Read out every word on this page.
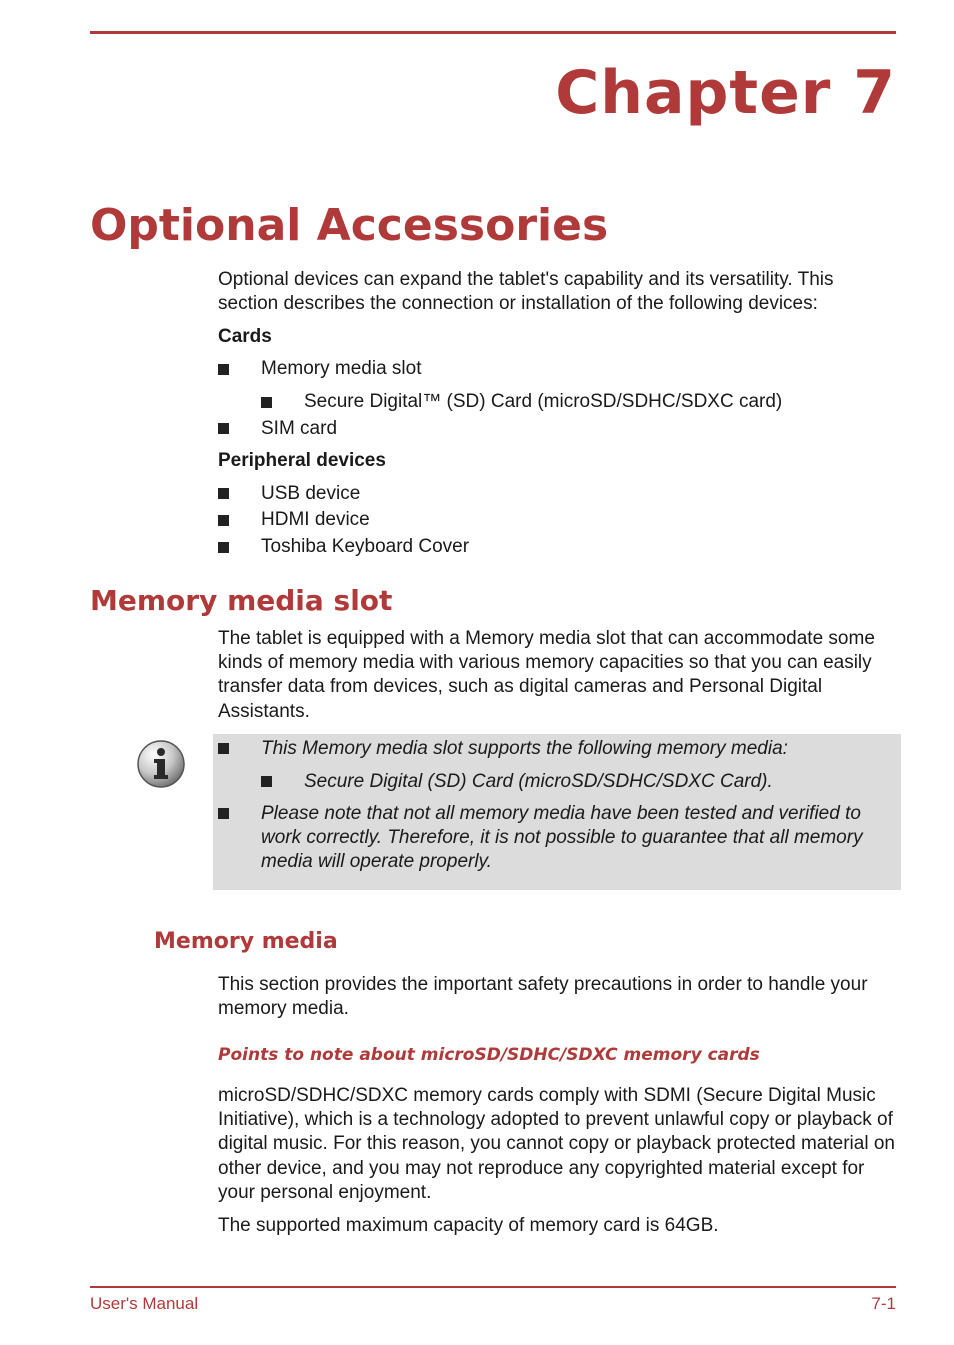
Chapter 7
Optional Accessories

Optional devices can expand the tablet's capability and its versatility. This section describes the connection or installation of the following devices:

Cards

Memory media slot

Secure Digital™ (SD) Card (microSD/SDHC/SDXC card)

SIM card

Peripheral devices

USB device

HDMI device

Toshiba Keyboard Cover

Memory media slot

The tablet is equipped with a Memory media slot that can accommodate some kinds of memory media with various memory capacities so that you can easily transfer data from devices, such as digital cameras and Personal Digital Assistants.

This Memory media slot supports the following memory media:

Secure Digital (SD) Card (microSD/SDHC/SDXC Card).

Please note that not all memory media have been tested and verified to work correctly. Therefore, it is not possible to guarantee that all memory media will operate properly.

Memory media

This section provides the important safety precautions in order to handle your memory media.

Points to note about microSD/SDHC/SDXC memory cards

microSD/SDHC/SDXC memory cards comply with SDMI (Secure Digital Music Initiative), which is a technology adopted to prevent unlawful copy or playback of digital music. For this reason, you cannot copy or playback protected material on other device, and you may not reproduce any copyrighted material except for your personal enjoyment.

The supported maximum capacity of memory card is 64GB.

User's Manual	7-1
